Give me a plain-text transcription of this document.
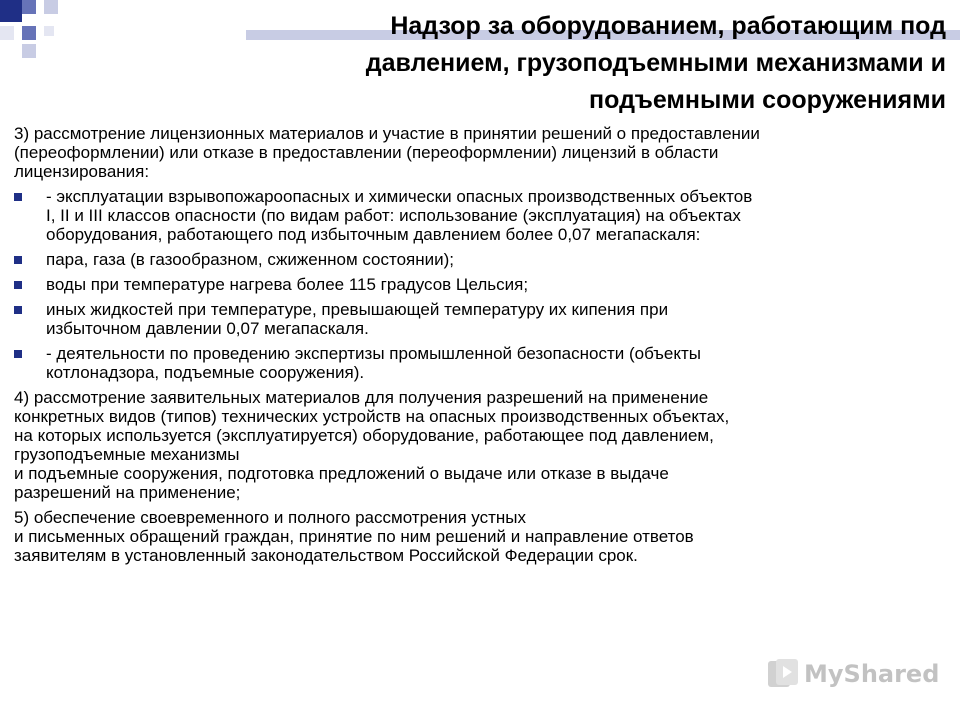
Надзор за оборудованием, работающим под
давлением, грузоподъемными механизмами и
подъемными сооружениями

3) рассмотрение лицензионных материалов и участие в принятии решений о предоставлении
(переоформлении) или отказе в предоставлении (переоформлении) лицензий в области
лицензирования:

- эксплуатации взрывопожароопасных и химически опасных производственных объектов
I, II и III классов опасности (по видам работ: использование (эксплуатация) на объектах
оборудования, работающего под избыточным давлением более 0,07 мегапаскаля:
пара, газа (в газообразном, сжиженном состоянии);
воды при температуре нагрева более 115 градусов Цельсия;
иных жидкостей при температуре, превышающей температуру их кипения при
избыточном давлении 0,07 мегапаскаля.
- деятельности по проведению экспертизы промышленной безопасности (объекты
котлонадзора, подъемные сооружения).

4) рассмотрение заявительных материалов для получения разрешений на применение
конкретных видов (типов) технических устройств на опасных производственных объектах,
на которых используется (эксплуатируется) оборудование, работающее под давлением,
грузоподъемные механизмы
и подъемные сооружения, подготовка предложений о выдаче или отказе в выдаче
разрешений на применение;

5) обеспечение своевременного и полного рассмотрения устных
и письменных обращений граждан, принятие по ним решений и направление ответов
заявителям в установленный законодательством Российской Федерации срок.

MyShared
